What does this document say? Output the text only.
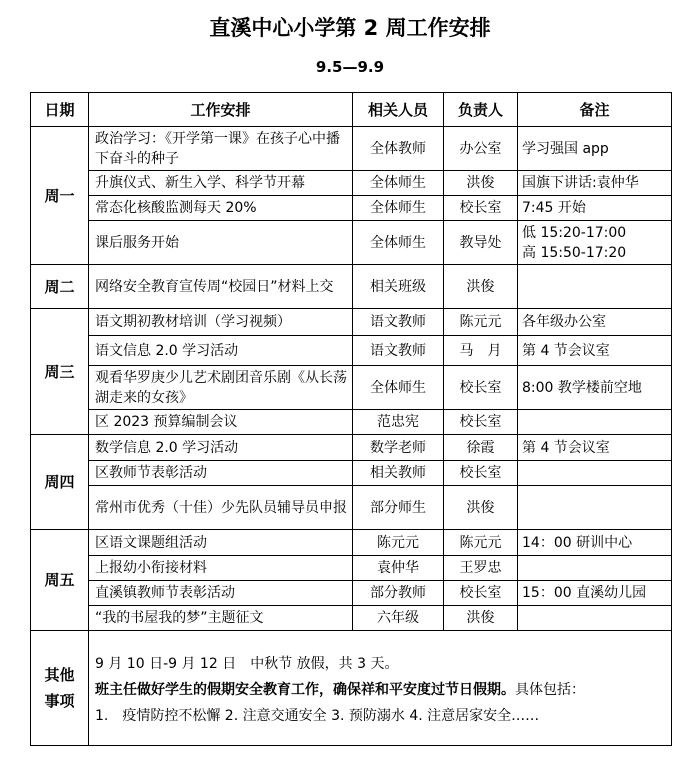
直溪中心小学第 2 周工作安排
9.5—9.9
日期	工作安排	相关人员	负责人	备注
周一	政治学习：《开学第一课》在孩子心中播下奋斗的种子	全体教师	办公室	学习强国 app
	升旗仪式、新生入学、科学节开幕	全体师生	洪俊	国旗下讲话:袁仲华
	常态化核酸监测每天 20%	全体师生	校长室	7:45 开始
	课后服务开始	全体师生	教导处	低 15:20-17:00
高 15:50-17:20

周二	网络安全教育宣传周“校园日”材料上交	相关班级	洪俊	
周三	语文期初教材培训（学习视频）	语文教师	陈元元	各年级办公室
	语文信息 2.0 学习活动	语文教师	马　月	第 4 节会议室
	观看华罗庚少儿艺术剧团音乐剧《从长荡湖走来的女孩》	全体师生	校长室	8:00 教学楼前空地
	区 2023 预算编制会议	范忠宪	校长室	
周四	数学信息 2.0 学习活动	数学老师	徐霞	第 4 节会议室
	区教师节表彰活动	相关教师	校长室	
	常州市优秀（十佳）少先队员辅导员申报	部分师生	洪俊	
周五	区语文课题组活动	陈元元	陈元元	14：00 研训中心
	上报幼小衔接材料	袁仲华	王罗忠	
	直溪镇教师节表彰活动	部分教师	校长室	15：00 直溪幼儿园
	“我的书屋我的梦”主题征文	六年级	洪俊	
其他事项	9 月 10 日-9 月 12 日　中秋节 放假，共 3 天。
班主任做好学生的假期安全教育工作，确保祥和平安度过节日假期。具体包括：
1.　疫情防控不松懈 2. 注意交通安全 3. 预防溺水 4. 注意居家安全……			
